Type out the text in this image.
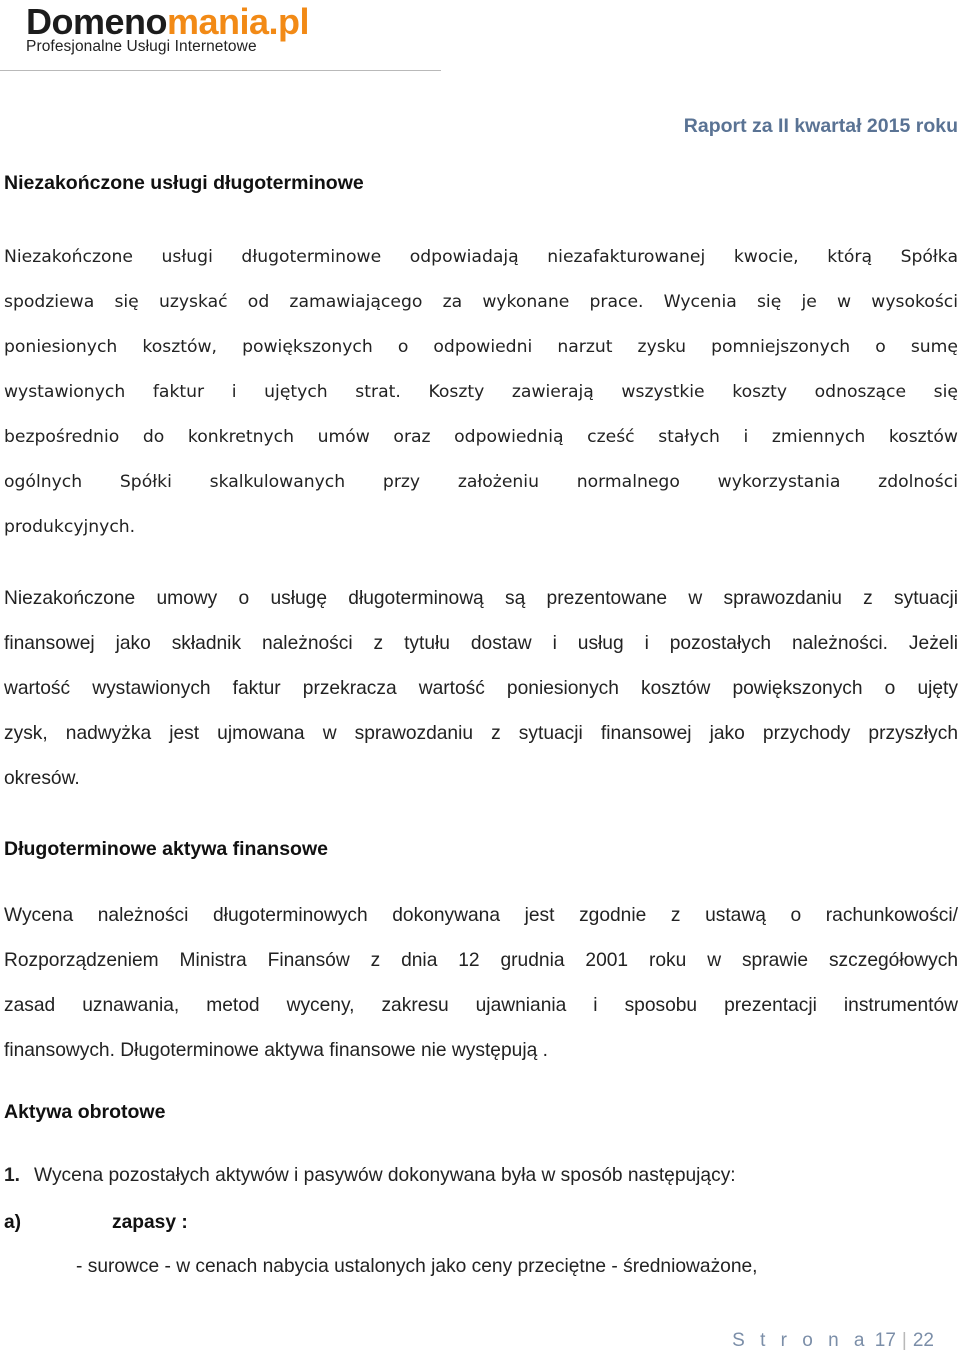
Domenomania.pl
Profesjonalne Usługi Internetowe
Raport za II kwartał 2015 roku
Niezakończone usługi długoterminowe
Niezakończone usługi długoterminowe odpowiadają niezafakturowanej kwocie, którą Spółka
spodziewa się uzyskać od zamawiającego za wykonane prace. Wycenia się je w wysokości
poniesionych kosztów, powiększonych o odpowiedni narzut zysku pomniejszonych o sumę
wystawionych faktur i ujętych strat. Koszty zawierają wszystkie koszty odnoszące się
bezpośrednio do konkretnych umów oraz odpowiednią cześć stałych i zmiennych kosztów
ogólnych Spółki skalkulowanych przy założeniu normalnego wykorzystania zdolności
produkcyjnych.
Niezakończone umowy o usługę długoterminową są prezentowane w sprawozdaniu z sytuacji
finansowej jako składnik należności z tytułu dostaw i usług i pozostałych należności. Jeżeli
wartość wystawionych faktur przekracza wartość poniesionych kosztów powiększonych o ujęty
zysk, nadwyżka jest ujmowana w sprawozdaniu z sytuacji finansowej jako przychody przyszłych
okresów.
Długoterminowe aktywa finansowe
Wycena należności długoterminowych dokonywana jest zgodnie z ustawą o rachunkowości/
Rozporządzeniem Ministra Finansów z dnia 12 grudnia 2001 roku w sprawie szczegółowych
zasad uznawania, metod wyceny, zakresu ujawniania i sposobu prezentacji instrumentów
finansowych. Długoterminowe aktywa finansowe nie występują .
Aktywa obrotowe
1. Wycena pozostałych aktywów i pasywów dokonywana była w sposób następujący:
a)	zapasy :
- surowce - w cenach nabycia ustalonych jako ceny przeciętne - średnioważone,
S t r o n a 17 | 22
